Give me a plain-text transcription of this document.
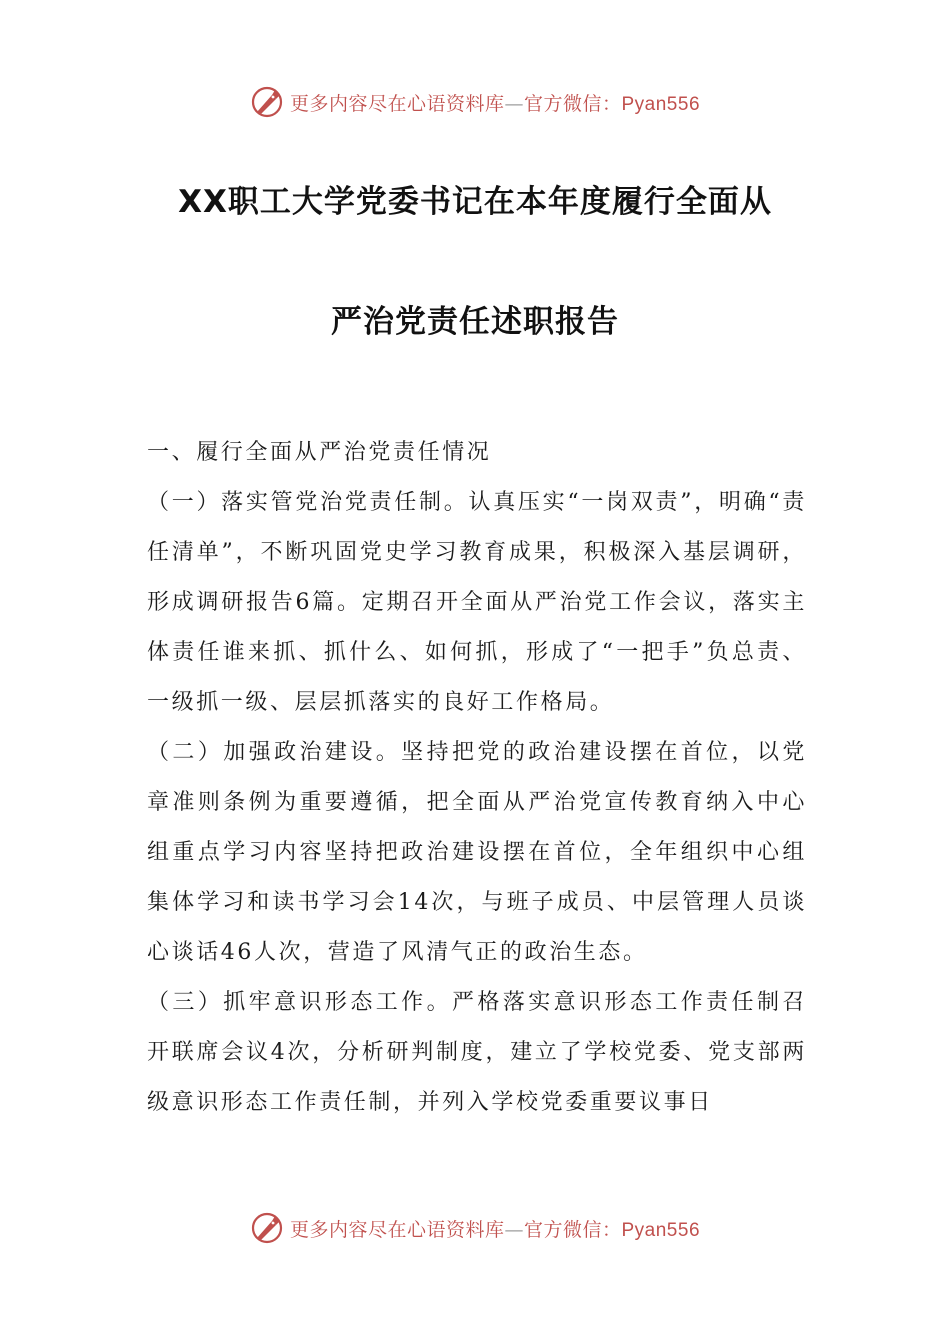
更多内容尽在心语资料库—官方微信：Pyan556
XX职工大学党委书记在本年度履行全面从
严治党责任述职报告

一、履行全面从严治党责任情况

（一）落实管党治党责任制。认真压实“一岗双责”，明确“责任清单”，不断巩固党史学习教育成果，积极深入基层调研，形成调研报告6篇。定期召开全面从严治党工作会议，落实主体责任谁来抓、抓什么、如何抓，形成了“一把手”负总责、一级抓一级、层层抓落实的良好工作格局。

（二）加强政治建设。坚持把党的政治建设摆在首位，以党章准则条例为重要遵循，把全面从严治党宣传教育纳入中心组重点学习内容坚持把政治建设摆在首位，全年组织中心组集体学习和读书学习会14次，与班子成员、中层管理人员谈心谈话46人次，营造了风清气正的政治生态。

（三）抓牢意识形态工作。严格落实意识形态工作责任制召开联席会议4次，分析研判制度，建立了学校党委、党支部两级意识形态工作责任制，并列入学校党委重要议事日

更多内容尽在心语资料库—官方微信：Pyan556
